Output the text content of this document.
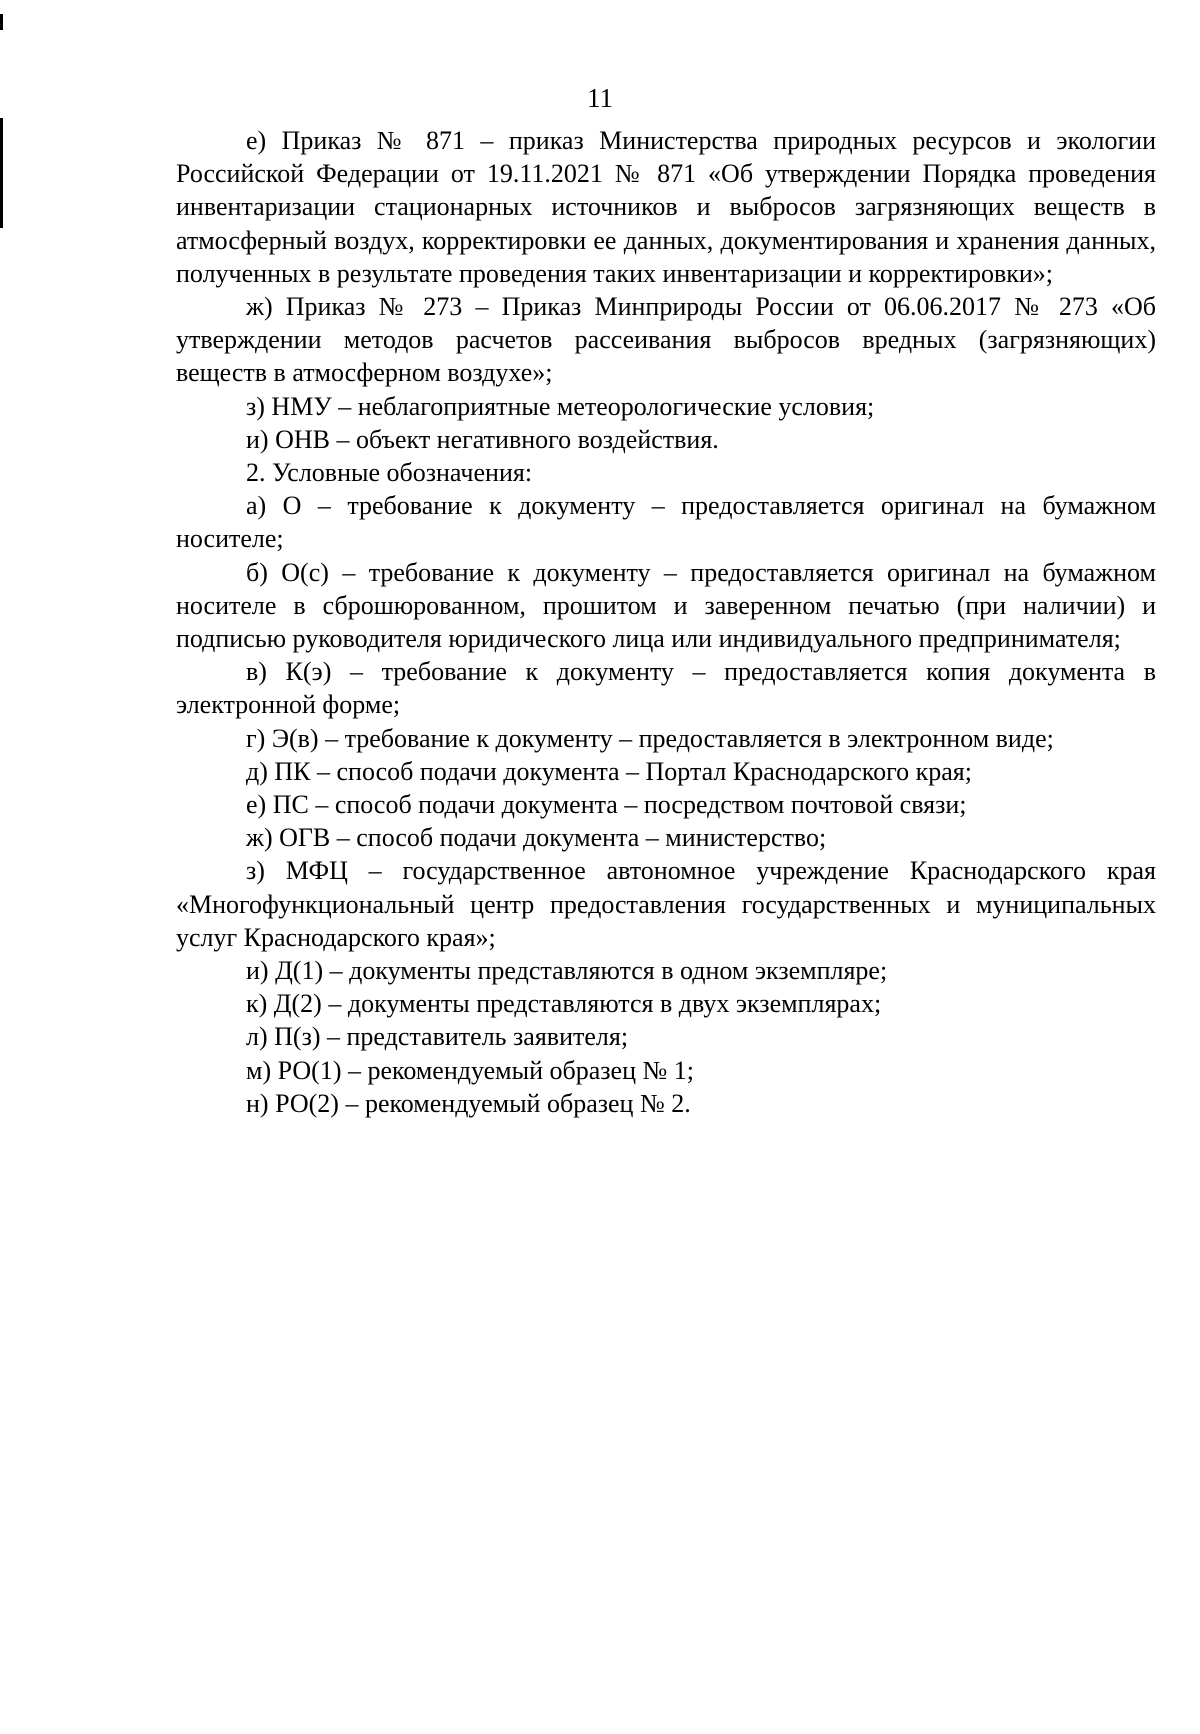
11

е) Приказ № 871 – приказ Министерства природных ресурсов и экологии Российской Федерации от 19.11.2021 № 871 «Об утверждении Порядка проведения инвентаризации стационарных источников и выбросов загрязняющих веществ в атмосферный воздух, корректировки ее данных, документирования и хранения данных, полученных в результате проведения таких инвентаризации и корректировки»;

ж) Приказ № 273 – Приказ Минприроды России от 06.06.2017 № 273 «Об утверждении методов расчетов рассеивания выбросов вредных (загрязняющих) веществ в атмосферном воздухе»;

з) НМУ – неблагоприятные метеорологические условия;

и) ОНВ – объект негативного воздействия.

2. Условные обозначения:

а) О – требование к документу – предоставляется оригинал на бумажном носителе;

б) О(с) – требование к документу – предоставляется оригинал на бумажном носителе в сброшюрованном, прошитом и заверенном печатью (при наличии) и подписью руководителя юридического лица или индивидуального предпринимателя;

в) К(э) – требование к документу – предоставляется копия документа в электронной форме;

г) Э(в) – требование к документу – предоставляется в электронном виде;

д) ПК – способ подачи документа – Портал Краснодарского края;

е) ПС – способ подачи документа – посредством почтовой связи;

ж) ОГВ – способ подачи документа – министерство;

з) МФЦ – государственное автономное учреждение Краснодарского края «Многофункциональный центр предоставления государственных и муниципальных услуг Краснодарского края»;

и) Д(1) – документы представляются в одном экземпляре;

к) Д(2) – документы представляются в двух экземплярах;

л) П(з) – представитель заявителя;

м) РО(1) – рекомендуемый образец № 1;

н) РО(2) – рекомендуемый образец № 2.
